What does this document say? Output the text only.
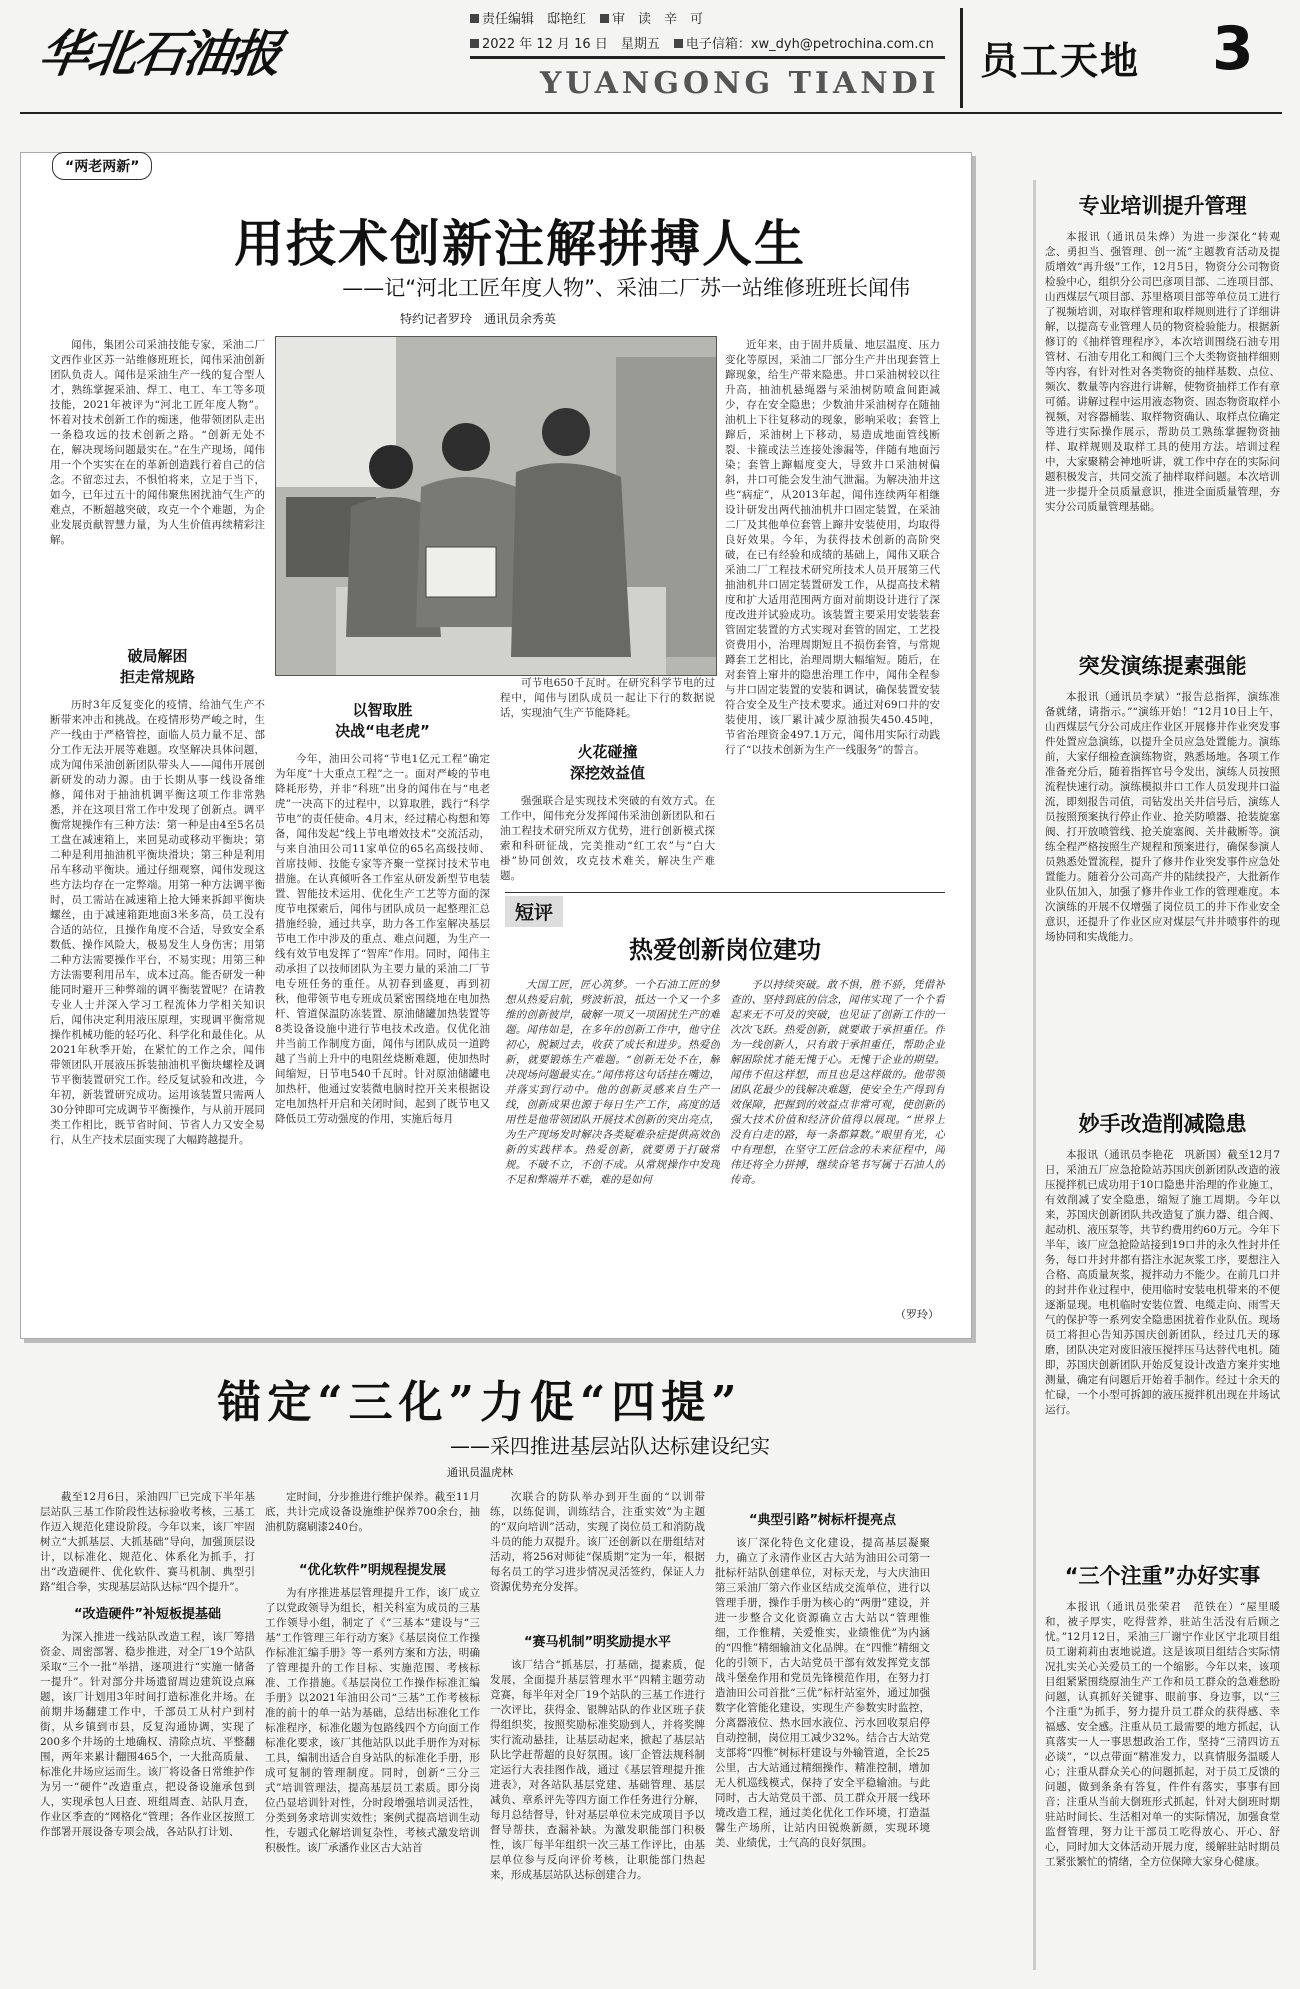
华北石油报
责任编辑　邸艳红	审　读　辛　可
2022 年 12 月 16 日　星期五	电子信箱：xw_dyh@petrochina.com.cn
YUANGONG TIANDI
员工天地 3
“两老两新”
用技术创新注解拼搏人生
——记“河北工匠年度人物”、采油二厂苏一站维修班班长闻伟
特约记者罗玲　通讯员余秀英

闻伟，集团公司采油技能专家，采油二厂文西作业区苏一站维修班班长，闻伟采油创新团队负责人。闻伟是采油生产一线的复合型人才，熟练掌握采油、焊工、电工、车工等多项技能，2021年被评为“河北工匠年度人物”。怀着对技术创新工作的痴迷，他带领团队走出一条稳攻远的技术创新之路。“创新无处不在，解决现场问题最实在。”在生产现场，闻伟用一个个实实在在的革新创造践行着自己的信念。不留恋过去，不惧怕将来，立足于当下，如今，已年过五十的闻伟聚焦困扰油气生产的难点，不断超越突破，攻克一个个难题，为企业发展贡献智慧力量，为人生价值再续精彩注解。

破局解困
拒走常规路

历时3年反复变化的疫情，给油气生产不断带来冲击和挑战。在疫情形势严峻之时，生产一线由于严格管控，面临人员力量不足、部分工作无法开展等难题。攻坚解决具体问题，成为闻伟采油创新团队带头人——闻伟开展创新研发的动力源。由于长期从事一线设备维修，闻伟对于抽油机调平衡这项工作非常熟悉，并在这项目常工作中发现了创新点。调平衡常规操作有三种方法：第一种是由4至5名员工盘在减速箱上，来回晃动或移动平衡块；第二种是利用抽油机平衡块滑块；第三种是利用吊车移动平衡块。通过仔细观察，闻伟发现这些方法均存在一定弊端。用第一种方法调平衡时，员工需站在减速箱上抢大锤来拆卸平衡块螺丝，由于减速箱距地面3米多高，员工没有合适的站位，且操作角度不合适，导致安全系数低、操作风险大，极易发生人身伤害；用第二种方法需要操作平台，不易实现；用第三种方法需要利用吊车，成本过高。能否研发一种能同时避开三种弊端的调平衡装置呢？在请教专业人士并深入学习工程流体力学相关知识后，闻伟决定利用液压原理，实现调平衡常规操作机械功能的轻巧化、科学化和最佳化。从2021年秋季开始，在紧忙的工作之余，闻伟带领团队开展液压拆装抽油机平衡块螺栓及调节平衡装置研究工作。经反复试验和改进，今年初，新装置研究成功。运用该装置只需两人30分钟即可完成调节平衡操作，与从前开展同类工作相比，既节省时间、节省人力又安全易行，从生产技术层面实现了大幅跨越提升。

以智取胜
决战“电老虎”

今年，油田公司将“节电1亿元工程”确定为年度“十大重点工程”之一。面对严峻的节电降耗形势，并非“科班”出身的闻伟在与“电老虎”一决高下的过程中，以算取胜，践行“科学节电”的责任使命。4月末，经过精心构想和筹备，闻伟发起“线上节电增效技术”交流活动，与来自油田公司11家单位的65名高级技师、首席技师、技能专家等齐聚一堂探讨技术节电措施。在认真倾听各工作室从研发新型节电装置、智能技术运用、优化生产工艺等方面的深度节电探索后，闻伟与团队成员一起整理汇总措施经验，通过共享，助力各工作室解决基层节电工作中涉及的重点、难点问题，为生产一线有效节电发挥了“智库”作用。同时，闻伟主动承担了以技师团队为主要力量的采油二厂节电专班任务的重任。从初春到盛夏，再到初秋，他带领节电专班成员紧密围绕地在电加热杆、管道保温防冻装置、原油储罐加热装置等8类设备设施中进行节电技术改造。仅优化油井当前工作制度方面，闻伟与团队成员一道跨越了当前上升中的电阻丝烧断难题，使加热时间缩短，日节电540千瓦时。针对原油储罐电加热杆，他通过安装微电脑时控开关来根据设定电加热杆开启和关闭时间，起到了既节电又降低员工劳动强度的作用，实施后每月

可节电650千瓦时。在研究科学节电的过程中，闻伟与团队成员一起让下行的数据说话，实现油气生产节能降耗。

火花碰撞
深挖效益值

强强联合是实现技术突破的有效方式。在工作中，闻伟充分发挥闻伟采油创新团队和石油工程技术研究所双方优势，进行创新模式探索和科研征战，完美推动“红工农”与“白大褂”协同创效，攻克技术难关，解决生产难题。

近年来，由于固井质量、地层温度、压力变化等原因，采油二厂部分生产井出现套管上蹿现象，给生产带来隐患。井口采油树较以往升高，抽油机悬绳器与采油树防喷盒间距减少，存在安全隐患；少数油井采油树存在随抽油机上下往复移动的现象，影响采收；套管上蹿后，采油树上下移动，易造成地面管线断裂、卡箍或法兰连接处渗漏等，伴随有地面污染；套管上蹿幅度变大，导致井口采油树偏斜，井口可能会发生油气泄漏。为解决油井这些“病症”，从2013年起，闻伟连续两年相继设计研发出两代抽油机井口固定装置，在采油二厂及其他单位套管上蹿井安装使用，均取得良好效果。今年，为获得技术创新的高阶突破，在已有经验和成绩的基础上，闻伟又联合采油二厂工程技术研究所技术人员开展第三代抽油机井口固定装置研发工作，从提高技术精度和扩大适用范围两方面对前期设计进行了深度改进并试验成功。该装置主要采用安装装套管固定装置的方式实现对套管的固定，工艺投资费用小，治理周期短且不损伤套管，与常规蹲套工艺相比，治理周期大幅缩短。随后，在对套管上窜井的隐患治理工作中，闻伟全程参与井口固定装置的安装和调试，确保装置安装符合安全及生产技术要求。通过对69口井的安装使用，该厂累计减少原油损失450.45吨，节省治理资金497.1万元，闻伟用实际行动践行了“以技术创新为生产一线服务”的誓言。

短评
热爱创新岗位建功

大国工匠，匠心筑梦。一个石油工匠的梦想从热爱启航，劈波斩浪，抵达一个又一个多维的创新彼岸，破解一项又一项困扰生产的难题。闻伟如是，在多年的创新工作中，他守住初心，脱颖过去，收获了成长和进步。热爱创新，就要锻炼生产难题。“创新无处不在，解决现场问题最实在。”闻伟将这句话挂在嘴边，并落实到行动中。他的创新灵感来自生产一线，创新成果也源于每日生产工作，高度的适用性是他带领团队开展技术创新的突出亮点，为生产现场发时解决各类疑难杂症提供高效创新的实践样本。热爱创新，就要勇于打破常规。不破不立，不创不成。从常规操作中发现不足和弊端并不难，难的是如何

予以持续突破。敢不惧，胜不骄，凭借补查的、坚持到底的信念，闻伟实现了一个个看起来无不可及的突破，也见证了创新工作的一次次飞跃。热爱创新，就要敢于承担重任。作为一线创新人，只有敢于承担重任，帮助企业解困除忧才能无愧于心。无愧于企业的期望。闻伟不但这样想，而且也是这样做的。他带领团队花最少的钱解决难题，使安全生产得到有效保障，把握到的效益点非常可观，使创新的强大技术价值和经济价值得以展现。“世界上没有白走的路，每一条都算数。”眼里有光，心中有理想，在坚守工匠信念的未来征程中，闻伟还将全力拼搏，继续奋笔书写属于石油人的传奇。

（罗玲）
锚定“三化”力促“四提”
——采四推进基层站队达标建设纪实
通讯员温虎林

截至12月6日，采油四厂已完成下半年基层站队三基工作阶段性达标验收考核，三基工作迈入规范化建设阶段。今年以来，该厂牢固树立“大抓基层、大抓基础”导向，加强顶层设计，以标准化、规范化、体系化为抓手，打出“改造硬件、优化软件、赛马机制、典型引路”组合拳，实现基层站队达标“四个提升”。

“改造硬件”补短板提基础

为深入推进一线站队改造工程，该厂筹措资金、周密部署、稳步推进，对全厂19个站队采取“三个一批”举措，逐项进行“实施一储备一提升”。针对部分井场遗留周边建筑设点麻题，该厂计划用3年时间打造标准化井场。在前期井场翻建工作中，千部员工从村户到村街，从乡镇到市县，反复沟通协调，实现了200多个井场的土地确权、清除点坑、平整翻围，两年来累计翻围465个，一大批高质量、标准化井场应运而生。该厂将设备日常维护作为另一“硬件”改造重点，把设备设施承包到人，实现承包人日查、班组周查、站队月查，作业区季查的“网格化”管理；各作业区按照工作部署开展设备专项会战，各站队打计划、

定时间，分步推进行维护保养。截至11月底，共计完成设备设施维护保养700余台，抽油机防腐刷漆240台。

“优化软件”明规程提发展

为有序推进基层管理提升工作，该厂成立了以党政领导为组长，相关科室为成员的三基工作领导小组，制定了《“三基本”建设与“三基”工作管理三年行动方案》《基层岗位工作操作标准汇编手册》等一系列方案和方法，明确了管理提升的工作目标、实施范围、考核标准、工作措施。《基层岗位工作操作标准汇编手册》以2021年油田公司“三基”工作考核标准的前十的单一站为基础，总结出标准化工作标准程序，标准化题为包路线四个方向面工作标准化要求，该厂其他站队以此手册作为对标工具，编制出适合自身站队的标准化手册，形成可复制的管理制度。同时，创新“三分三式”培训管理法，提高基层员工素质。即分岗位凸显培训针对性，分时段增强培训灵活性，分类到务求培训实效性；案例式提高培训生动性，专题式化解培训复杂性，考核式激发培训积极性。该厂承潘作业区古大站首

次联合的防队举办到开生面的“以训带练，以练促训，训练结合，注重实效”为主题的“双向培训”活动，实现了岗位员工和消防战斗员的能力双提升。该厂还创新以在册组结对活动，将256对师徒“保质期”定为一年，根据每名员工的学习进步情况灵活签约，保证人力资源优势充分发挥。

“赛马机制”明奖励提水平

该厂结合“抓基层，打基础，提素质，促发展，全面提升基层管理水平”四精主题劳动竞赛，每半年对全厂19个站队的三基工作进行一次评比，获得金、银牌站队的作业区班子获得组织奖，按照奖励标准奖励到人，并将奖牌实行流动悬挂，让基层动起来，掀起了基层站队比学赶帮超的良好氛围。该厂企管法规科制定运行大表挂图作战，通过《基层管理提升推进表》，对各站队基层党建、基础管理、基层减负、章系评先等四方面工作任务进行分解，每月总结督导，针对基层单位未完成项目予以督导帮扶，查漏补缺。为激发职能部门积极性，该厂每半年组织一次三基工作评比，由基层单位参与反向评价考核，让职能部门热起来，形成基层站队达标创建合力。

“典型引路”树标杆提亮点

该厂深化特色文化建设，提高基层凝聚力，确立了永清作业区古大站为油田公司第一批标杆站队创建单位，对标天龙，与大庆油田第三采油厂第六作业区结成交流单位，进行以管理手册，操作手册为核心的“两册”建设，并进一步整合文化资源确立古大站以“管理惟细，工作惟精，关爱惟实，业绩惟优”为内涵的“四惟”精细输油文化品牌。在“四惟”精细文化的引领下，古大站党员干部有效发挥党支部战斗堡垒作用和党员先锋模范作用，在努力打造油田公司首批“三优”标杆站室外，通过加强数字化管能化建设，实现生产参数实时监控，分离器液位、热水回水液位、污水回收泵启停自动控制，岗位用工减少32%。结合古大站党支部将“四惟”树标杆建设与外输管道，全长25公里，古大站通过精细操作、精准控制，增加无人机巡线模式，保持了安全平稳输油。与此同时，古大站党员干部、员工群众开展一线环境改造工程，通过美化优化工作环境，打造温馨生产场所，让站内田锐焕新颜，实现环境美、业绩优，士气高的良好氛围。

专业培训提升管理

本报讯（通讯员朱烨）为进一步深化“转观念、勇担当、强管理、创一流”主题教育活动及提质增效“再升级”工作，12月5日，物资分公司物资检验中心，组织分公司巴彦项目部、二连项目部、山西煤层气项目部、苏里格项目部等单位员工进行了视频培训，对取样管理和取样规则进行了详细讲解，以提高专业管理人员的物资检验能力。根据新修订的《抽样管理程序》，本次培训围绕石油专用管材、石油专用化工和阀门三个大类物资抽样细则等内容，有针对性对各类物资的抽样基数、点位、频次、数量等内容进行讲解，使物资抽样工作有章可循。讲解过程中运用液态物资、固态物资取样小视频，对容器桶装、取样物资确认、取样点位确定等进行实际操作展示，帮助员工熟练掌握物资抽样、取样规则及取样工具的使用方法。培训过程中，大家聚精会神地听讲，就工作中存在的实际问题积极发言，共同交流了抽样取样问题。本次培训进一步提升全员质量意识，推进全面质量管理，夯实分公司质量管理基础。

突发演练提素强能

本报讯（通讯员李斌）“报告总指挥，演练准备就绪，请指示。”“演练开始！”12月10日上午，山西煤层气分公司成庄作业区开展修井作业突发事件处置应急演练，以提升全员应急处置能力。演练前，大家仔细检查演练物资，熟悉场地。各项工作准备充分后，随着指挥官号令发出，演练人员按照流程快速行动。演练模拟井口工作人员发现井口溢流，即刻报告司值，司钻发出关井信号后，演练人员按照预案执行停止作业、抢关防喷器、抢装旋塞阀、打开放喷管线、抢关旋塞阀、关井截断等。演练全程严格按照生产规程和预案进行，确保参演人员熟悉处置流程，提升了修井作业突发事件应急处置能力。随着分公司高产井的陆续投产，大批新作业队伍加入，加强了修井作业工作的管理难度。本次演练的开展不仅增强了岗位员工的井下作业安全意识，还提升了作业区应对煤层气井井喷事件的现场协同和实战能力。

妙手改造削减隐患

本报讯（通讯员李艳花　巩新国）截至12月7日，采油五厂应急抢险站苏国庆创新团队改造的液压搅拌机已成功用于10口隐患井治理的作业施工，有效削减了安全隐患，缩短了施工周期。今年以来，苏国庆创新团队共改造复了旗力器、组合阀、起动机、液压泵等，共节约费用约60万元。今年下半年，该厂应急抢险站接到19口井的永久性封井任务，每口井封井都有搭注水泥灰浆工序，要想注入合格、高质量灰浆，搅拌动力不能少。在前几口井的封井作业过程中，使用临时安装电机带来的不便逐渐显现。电机临时安装位置、电缆走向、雨雪天气的保护等一系列安全隐患困扰着作业队伍。现场员工将担心告知苏国庆创新团队，经过几天的琢磨，团队决定对废旧液压搅拌压马达替代电机。随即，苏国庆创新团队开始反复设计改造方案并实地测量，确定有问题后开始着手制作。经过十余天的忙碌，一个小型可拆卸的液压搅拌机出现在井场试运行。

“三个注重”办好实事

本报讯（通讯员张荣君　范铁在）“屋里暖和，被子厚实，吃得营养，驻站生活没有后顾之忧。”12月12日，采油三厂谢宁作业区宁北项目组员工谢莉莉由衷地说道。这是该项目组结合实际情况扎实关心关爱员工的一个缩影。今年以来，该项目组紧紧围绕原油生产工作和员工群众的急难愁盼问题，认真抓好关键事、眼前事、身边事，以“三个注重”为抓手，努力提升员工群众的获得感、幸福感、安全感。注重从员工最需要的地方抓起，认真落实一人一事思想政治工作，坚持“三清四访五必谈”，“以点带面”精准发力，以真情服务温暖人心；注重从群众关心的问题抓起，对于员工反馈的问题，做到条条有答复，件件有落实，事事有回音；注重从当前大倒班形式抓起，针对大倒班时期驻站时间长、生活相对单一的实际情况，加强食堂监督管理，努力让干部员工吃得放心、开心、舒心，同时加大文体活动开展力度，缓解驻站时期员工紧张繁忙的情绪，全方位保障大家身心健康。
